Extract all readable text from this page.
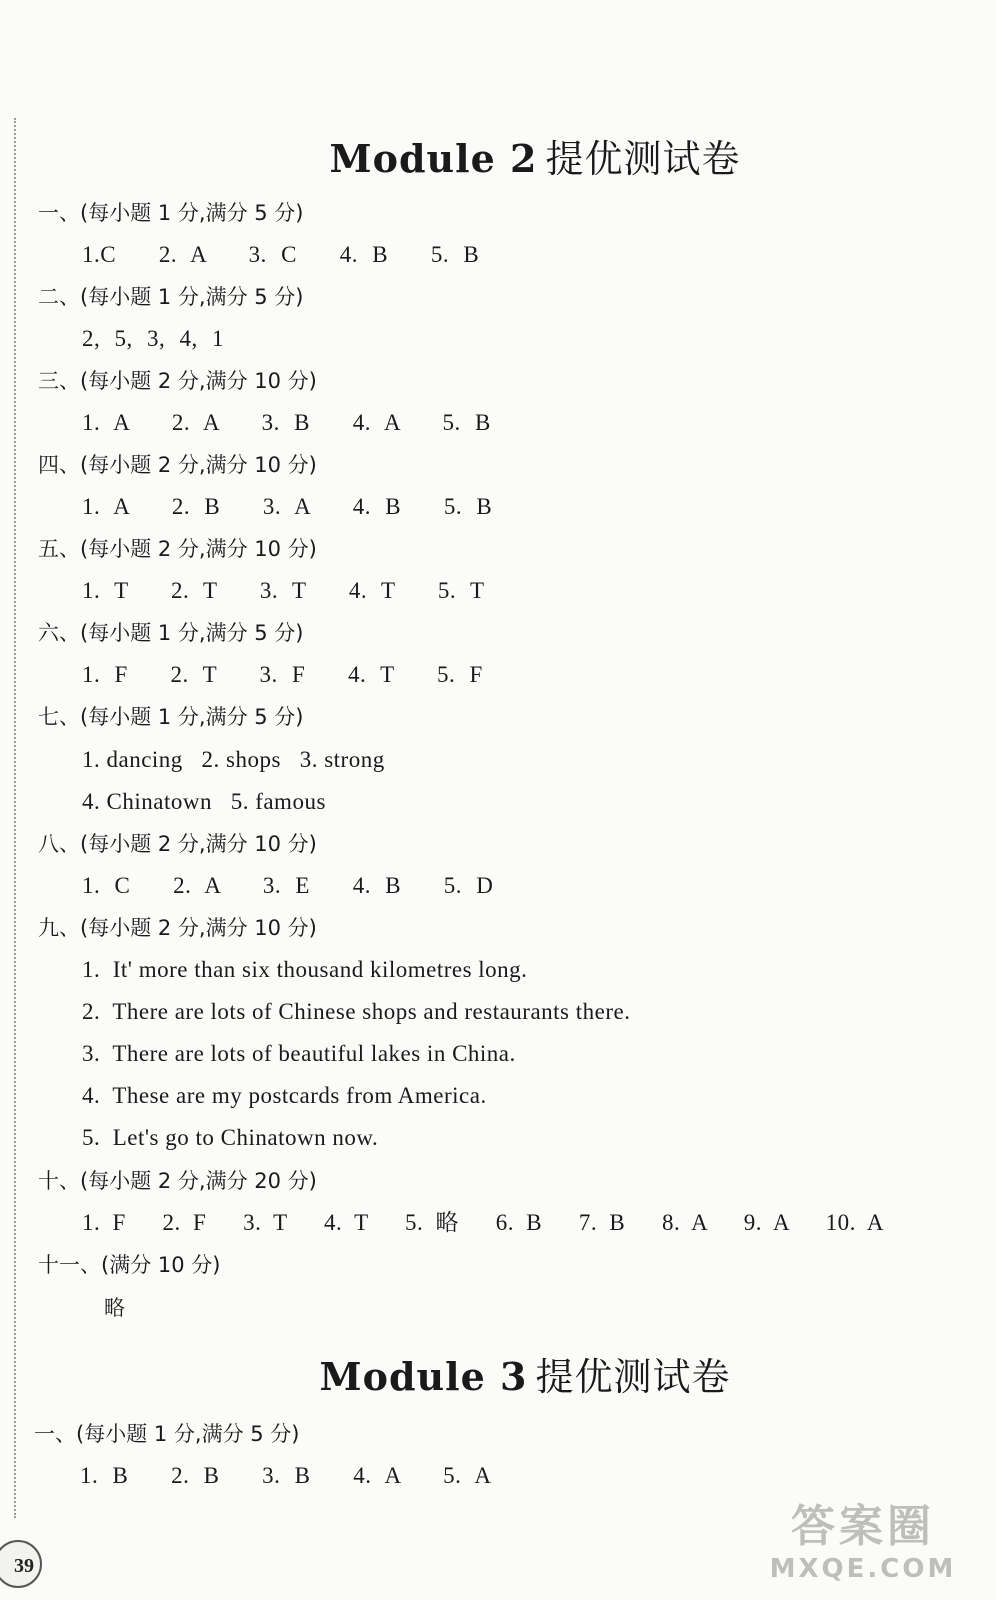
Module 2 提优测试卷
一、(每小题 1 分,满分 5 分)
1.C   2. A   3. C   4. B   5. B
二、(每小题 1 分,满分 5 分)
2, 5, 3, 4, 1
三、(每小题 2 分,满分 10 分)
1. A   2. A   3. B   4. A   5. B
四、(每小题 2 分,满分 10 分)
1. A   2. B   3. A   4. B   5. B
五、(每小题 2 分,满分 10 分)
1. T   2. T   3. T   4. T   5. T
六、(每小题 1 分,满分 5 分)
1. F   2. T   3. F   4. T   5. F
七、(每小题 1 分,满分 5 分)
1. dancing   2. shops   3. strong
4. Chinatown   5. famous
八、(每小题 2 分,满分 10 分)
1. C   2. A   3. E   4. B   5. D
九、(每小题 2 分,满分 10 分)
1.  It' more than six thousand kilometres long.
2.  There are lots of Chinese shops and restaurants there.
3.  There are lots of beautiful lakes in China.
4.  These are my postcards from America.
5.  Let's go to Chinatown now.
十、(每小题 2 分,满分 20 分)
1. F   2. F   3. T   4. T   5. 略   6. B   7. B   8. A   9. A   10. A
十一、(满分 10 分)
略
Module 3 提优测试卷
一、(每小题 1 分,满分 5 分)
1. B   2. B   3. B   4. A   5. A
39
答案圈
MXQE.COM
